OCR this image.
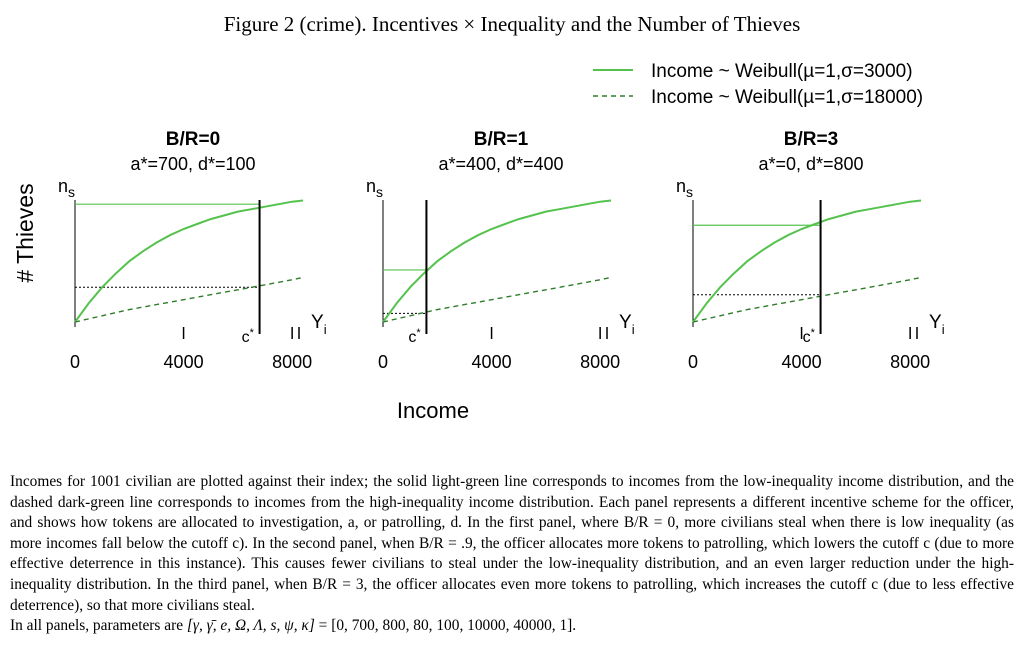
Figure 2 (crime). Incentives × Inequality and the Number of Thieves
Income ~ Weibull(µ=1,σ=3000)
Income ~ Weibull(µ=1,σ=18000)
# Thieves
Income
B/R=0
a*=700, d*=100
$n_s$
0	4000	8000
c*	$Y_i$
B/R=1
a*=400, d*=400
$n_s$
0	4000	8000
c*	$Y_i$
B/R=3
a*=0, d*=800
$n_s$
0	4000	8000
c*	$Y_i$
Incomes for 1001 civilian are plotted against their index; the solid light-green line corresponds to incomes from the low-inequality income distribution, and the dashed dark-green line corresponds to incomes from the high-inequality income distribution. Each panel represents a different incentive scheme for the officer, and shows how tokens are allocated to investigation, a, or patrolling, d. In the first panel, where B/R = 0, more civilians steal when there is low inequality (as more incomes fall below the cutoff c). In the second panel, when B/R = .9, the officer allocates more tokens to patrolling, which lowers the cutoff c (due to more effective deterrence in this instance). This causes fewer civilians to steal under the low-inequality distribution, and an even larger reduction under the high-inequality distribution. In the third panel, when B/R = 3, the officer allocates even more tokens to patrolling, which increases the cutoff c (due to less effective deterrence), so that more civilians steal.
In all panels, parameters are [γ, γ̄, e, Ω, Λ, s, ψ, κ] = [0, 700, 800, 80, 100, 10000, 40000, 1].
